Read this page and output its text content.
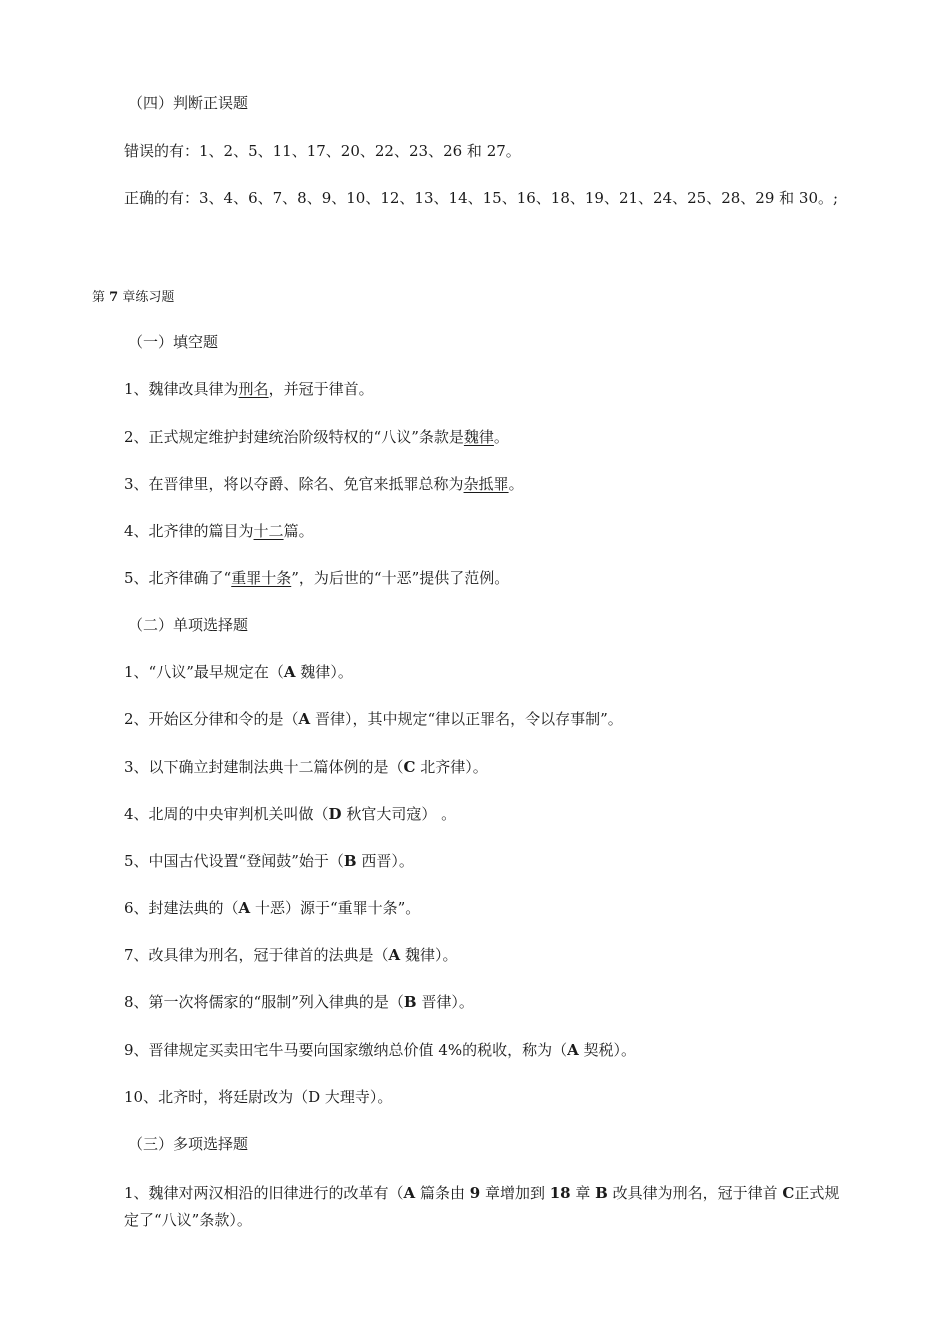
（四）判断正误题
错误的有：1、2、5、11、17、20、22、23、26 和 27。
正确的有：3、4、6、7、8、9、10、12、13、14、15、16、18、19、21、24、25、28、29 和 30。;
第 7 章练习题
（一）填空题
1、魏律改具律为刑名，并冠于律首。
2、正式规定维护封建统治阶级特权的“八议”条款是魏律。
3、在晋律里，将以夺爵、除名、免官来抵罪总称为杂抵罪。
4、北齐律的篇目为十二篇。
5、北齐律确了“重罪十条”，为后世的“十恶”提供了范例。
（二）单项选择题
1、“八议”最早规定在（A 魏律）。
2、开始区分律和令的是（A 晋律），其中规定“律以正罪名，令以存事制”。
3、以下确立封建制法典十二篇体例的是（C 北齐律）。
4、北周的中央审判机关叫做（D 秋官大司寇） 。
5、中国古代设置“登闻鼓”始于（B 西晋）。
6、封建法典的（A 十恶）源于“重罪十条”。
7、改具律为刑名，冠于律首的法典是（A 魏律）。
8、第一次将儒家的“服制”列入律典的是（B 晋律）。
9、晋律规定买卖田宅牛马要向国家缴纳总价值 4%的税收，称为（A 契税）。
10、北齐时，将廷尉改为（D 大理寺）。
（三）多项选择题
1、魏律对两汉相沿的旧律进行的改革有（A 篇条由 9 章增加到 18 章 B 改具律为刑名，冠于律首 C正式规定了“八议”条款）。
